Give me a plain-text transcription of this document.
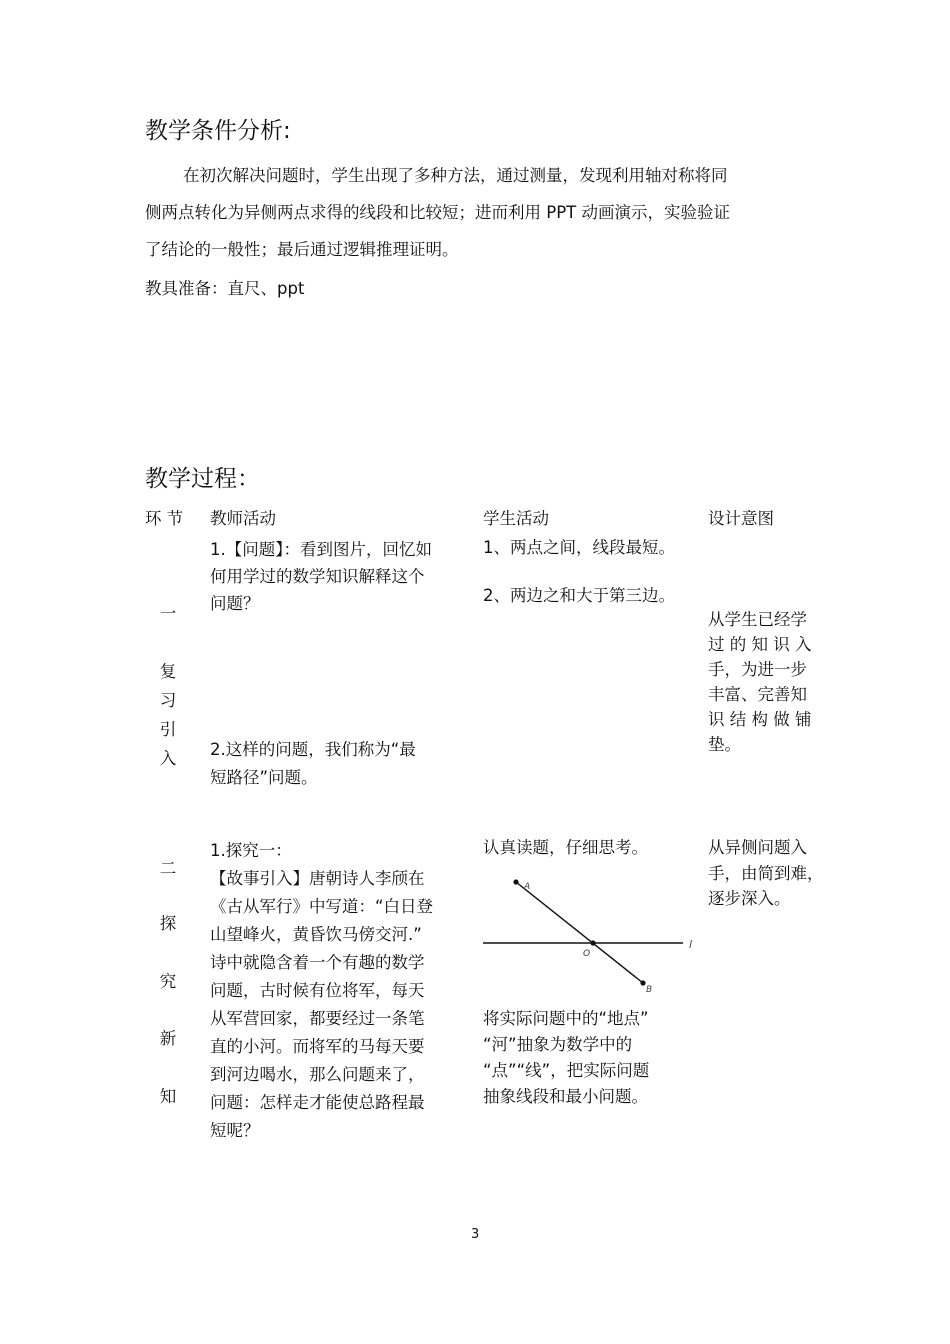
教学条件分析:
在初次解决问题时，学生出现了多种方法，通过测量，发现利用轴对称将同
侧两点转化为异侧两点求得的线段和比较短；进而利用 PPT 动画演示，实验验证
了结论的一般性；最后通过逻辑推理证明。
教具准备：直尺、ppt
教学过程：
环 节 教师活动	学生活动	设计意图
一
复
习
引
入
1.【问题】：看到图片，回忆如
何用学过的数学知识解释这个
问题？
2.这样的问题，我们称为“最
短路径”问题。
1、两点之间，线段最短。
2、两边之和大于第三边。
从学生已经学
过 的 知 识 入
手，为进一步
丰富、完善知
识 结 构 做 铺
垫。
二
探
究
新
知
1.探究一：
【故事引入】唐朝诗人李颀在
《古从军行》中写道：“白日登
山望峰火，黄昏饮马傍交河.”
诗中就隐含着一个有趣的数学
问题，古时候有位将军，每天
从军营回家，都要经过一条笔
直的小河。而将军的马每天要
到河边喝水，那么问题来了，
问题：怎样走才能使总路程最
短呢？
认真读题，仔细思考。
A
O
B
l
将实际问题中的“地点”
“河”抽象为数学中的
“点”“线”，把实际问题
抽象线段和最小问题。
从异侧问题入
手，由简到难，
逐步深入。
3
